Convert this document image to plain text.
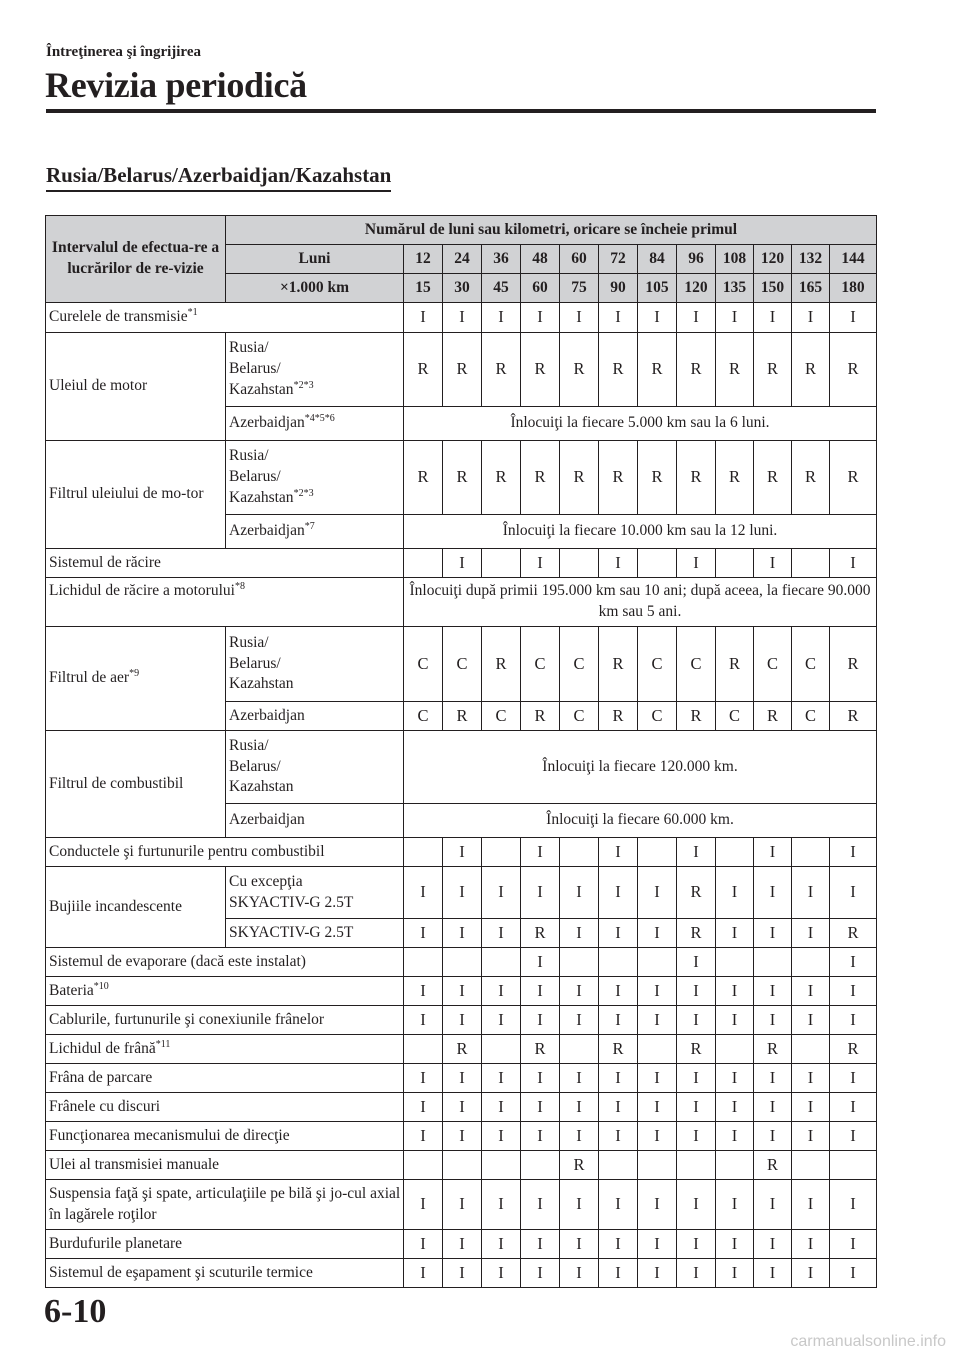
Întreţinerea şi îngrijirea
Revizia periodică
Rusia/Belarus/Azerbaidjan/Kazahstan
Intervalul de efectua-re a lucrărilor de re-vizie	Numărul de luni sau kilometri, oricare se încheie primul												
	Luni	12	24	36	48	60	72	84	96	108	120	132	144
	×1.000 km	15	30	45	60	75	90	105	120	135	150	165	180
Curelele de transmisie$^{*1}$		I	I	I	I	I	I	I	I	I	I	I	I
Uleiul de motor	Rusia/
Belarus/
Kazahstan$^{*2*3}$	R	R	R	R	R	R	R	R	R	R	R	R
	Azerbaidjan$^{*4*5*6}$	Înlocuiţi la fiecare 5.000 km sau la 6 luni.											
Filtrul uleiului de mo-tor	Rusia/
Belarus/
Kazahstan$^{*2*3}$	R	R	R	R	R	R	R	R	R	R	R	R
	Azerbaidjan$^{*7}$	Înlocuiţi la fiecare 10.000 km sau la 12 luni.											
Sistemul de răcire			I		I		I		I		I		I
Lichidul de răcire a motorului$^{*8}$		Înlocuiţi după primii 195.000 km sau 10 ani; după aceea, la fiecare 90.000 km sau 5 ani.											
Filtrul de aer$^{*9}$	Rusia/
Belarus/
Kazahstan	C	C	R	C	C	R	C	C	R	C	C	R
	Azerbaidjan	C	R	C	R	C	R	C	R	C	R	C	R
Filtrul de combustibil	Rusia/
Belarus/
Kazahstan	Înlocuiţi la fiecare 120.000 km.											
	Azerbaidjan	Înlocuiţi la fiecare 60.000 km.											
Conductele şi furtunurile pentru combustibil			I		I		I		I		I		I
Bujiile incandescente	Cu excepţia
SKYACTIV-G 2.5T	I	I	I	I	I	I	I	R	I	I	I	I
	SKYACTIV-G 2.5T	I	I	I	R	I	I	I	R	I	I	I	R
Sistemul de evaporare (dacă este instalat)					I				I				I
Bateria$^{*10}$		I	I	I	I	I	I	I	I	I	I	I	I
Cablurile, furtunurile şi conexiunile frânelor		I	I	I	I	I	I	I	I	I	I	I	I
Lichidul de frână$^{*11}$			R		R		R		R		R		R
Frâna de parcare		I	I	I	I	I	I	I	I	I	I	I	I
Frânele cu discuri		I	I	I	I	I	I	I	I	I	I	I	I
Funcţionarea mecanismului de direcţie		I	I	I	I	I	I	I	I	I	I	I	I
Ulei al transmisiei manuale						R					R		
Suspensia faţă şi spate, articulaţiile pe bilă şi jo-cul axial în lagărele roţilor		I	I	I	I	I	I	I	I	I	I	I	I
Burdufurile planetare		I	I	I	I	I	I	I	I	I	I	I	I
Sistemul de eşapament şi scuturile termice		I	I	I	I	I	I	I	I	I	I	I	I
6-10
carmanualsonline.info
